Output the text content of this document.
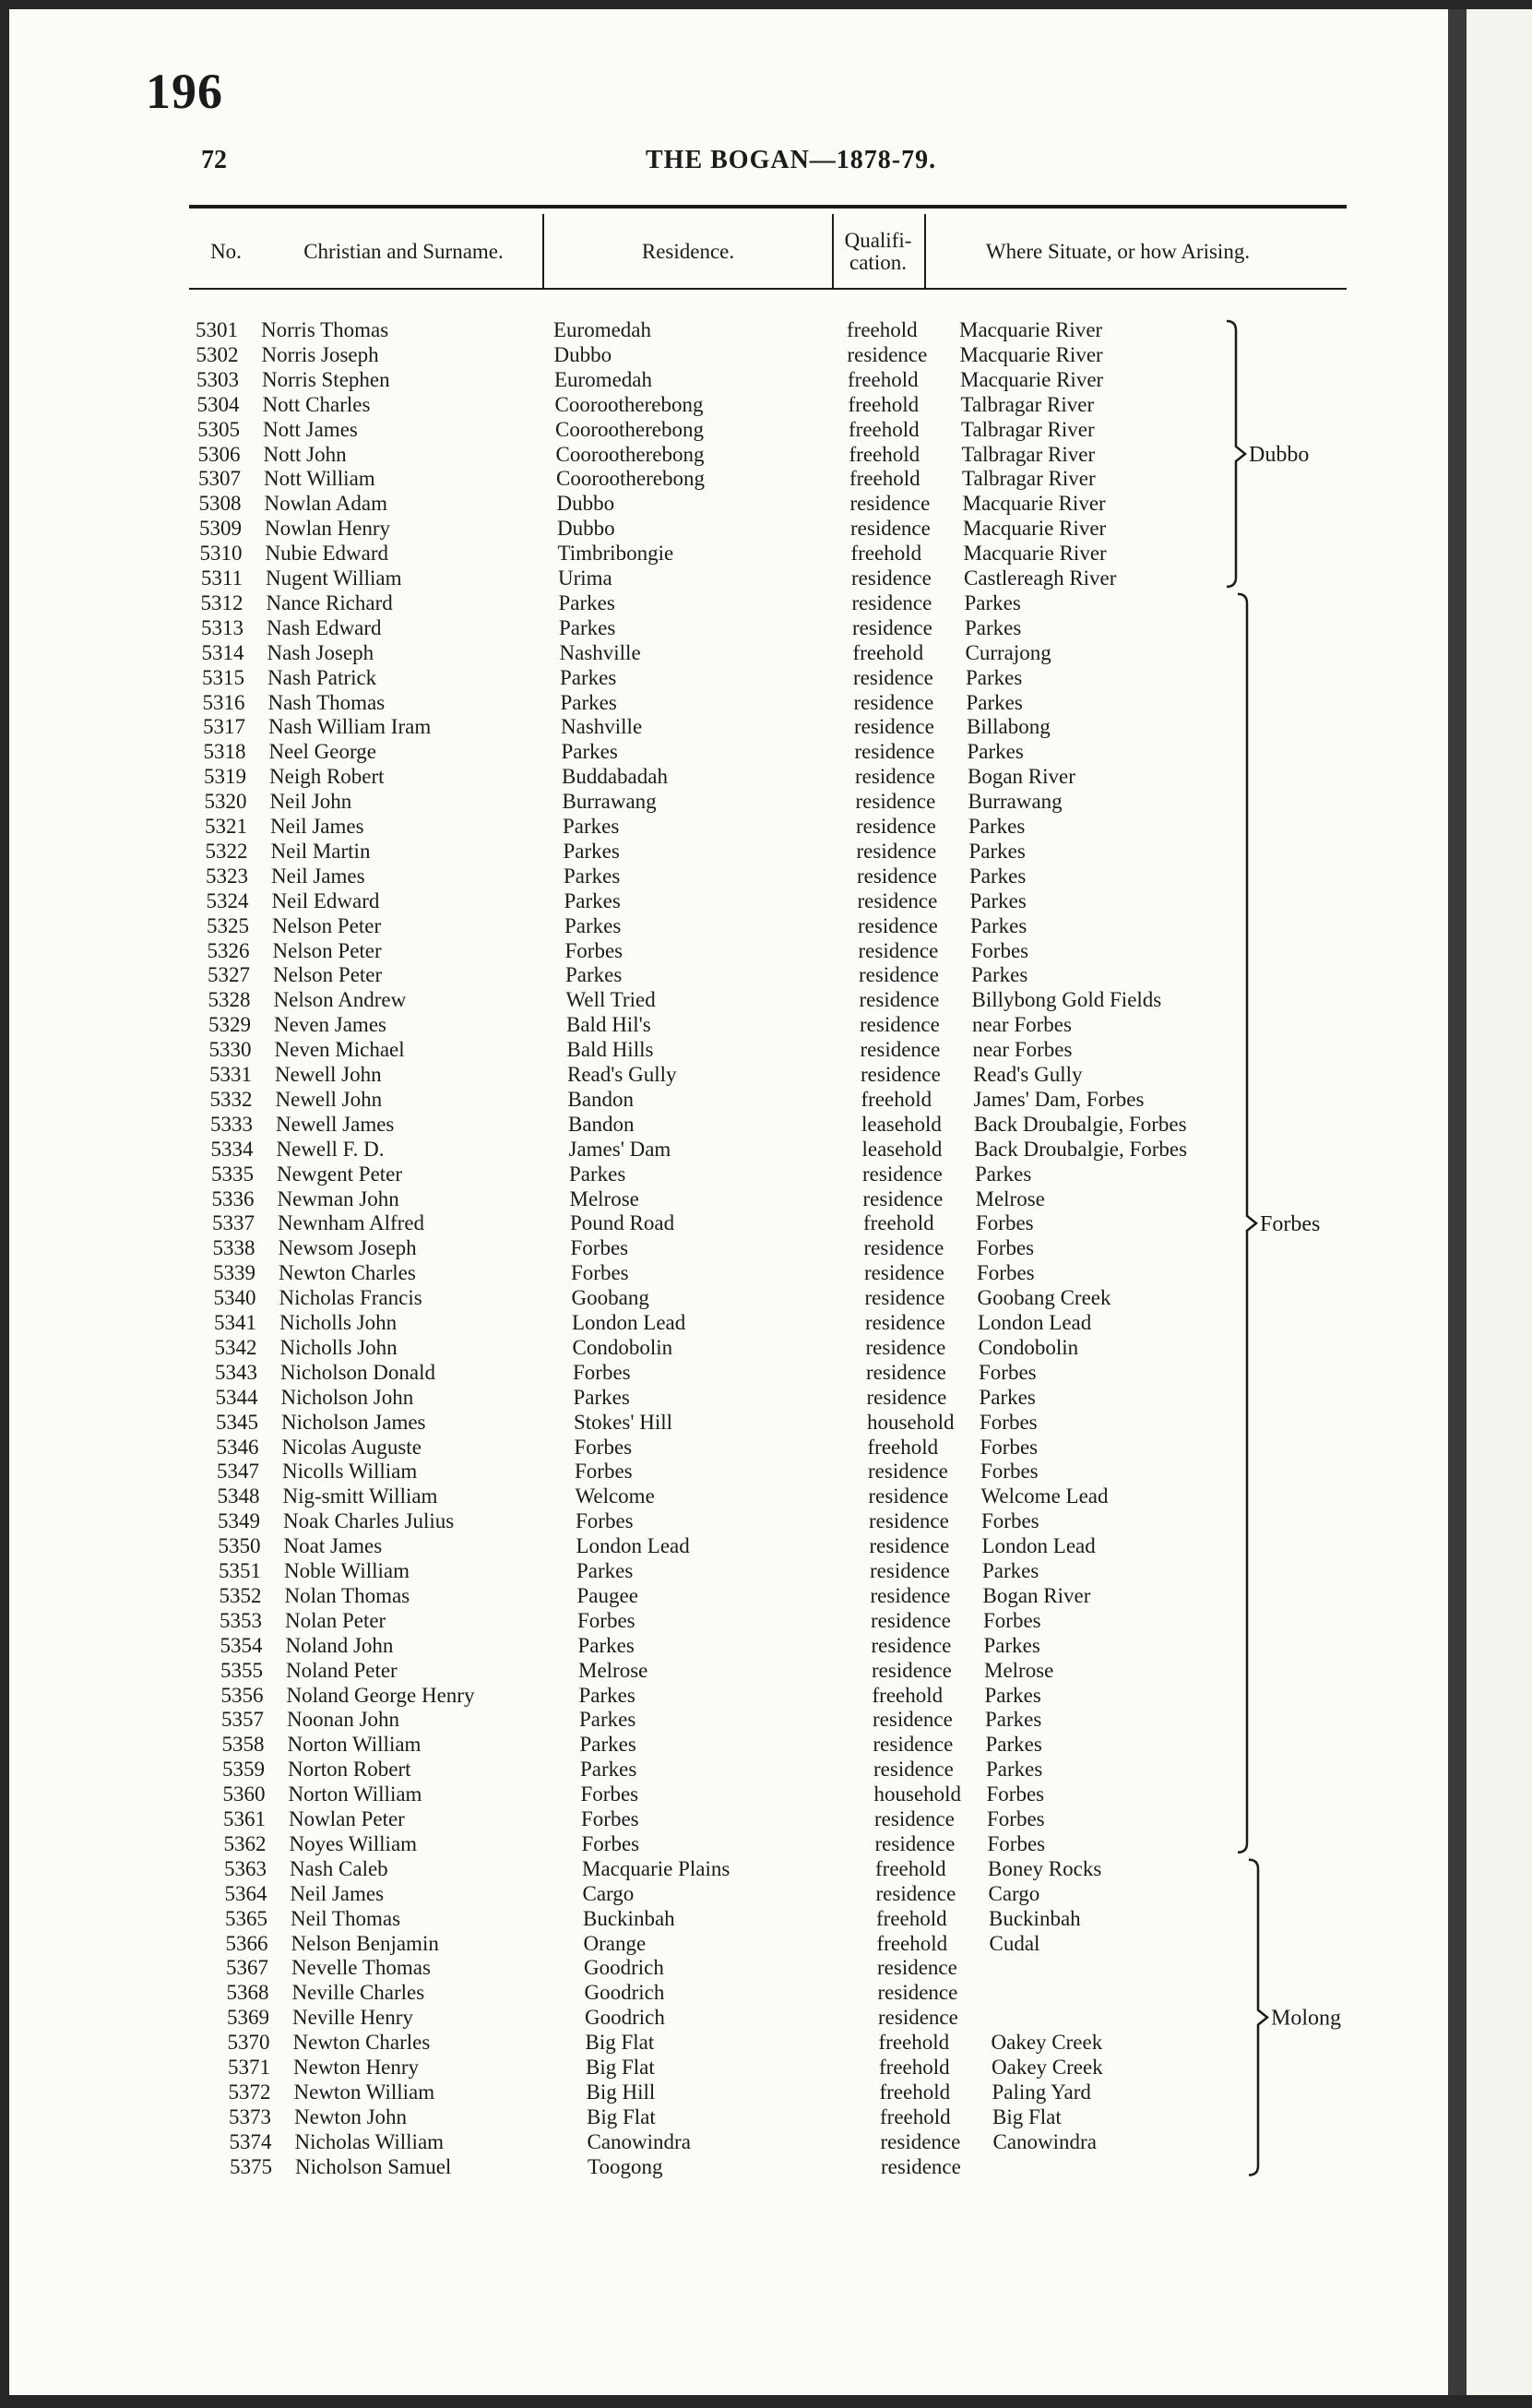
196
72	THE BOGAN—1878-79.
No.	Christian and Surname.	Residence.	Qualifi-
cation.	Where Situate, or how Arising.
5301 Norris Thomas	Euromedah	freehold Macquarie River
5302 Norris Joseph	Dubbo	residence Macquarie River
5303 Norris Stephen	Euromedah	freehold Macquarie River
5304 Nott Charles	Coorootherebong	freehold Talbragar River
5305 Nott James	Coorootherebong	freehold Talbragar River
5306 Nott John	Coorootherebong	freehold Talbragar River
5307 Nott William	Coorootherebong	freehold Talbragar River
5308 Nowlan Adam	Dubbo	residence Macquarie River
5309 Nowlan Henry	Dubbo	residence Macquarie River
5310 Nubie Edward	Timbribongie	freehold Macquarie River
5311 Nugent William	Urima	residence Castlereagh River
5312 Nance Richard	Parkes	residence Parkes
5313 Nash Edward	Parkes	residence Parkes
5314 Nash Joseph	Nashville	freehold Currajong
5315 Nash Patrick	Parkes	residence Parkes
5316 Nash Thomas	Parkes	residence Parkes
5317 Nash William Iram	Nashville	residence Billabong
5318 Neel George	Parkes	residence Parkes
5319 Neigh Robert	Buddabadah	residence Bogan River
5320 Neil John	Burrawang	residence Burrawang
5321 Neil James	Parkes	residence Parkes
5322 Neil Martin	Parkes	residence Parkes
5323 Neil James	Parkes	residence Parkes
5324 Neil Edward	Parkes	residence Parkes
5325 Nelson Peter	Parkes	residence Parkes
5326 Nelson Peter	Forbes	residence Forbes
5327 Nelson Peter	Parkes	residence Parkes
5328 Nelson Andrew	Well Tried	residence Billybong Gold Fields
5329 Neven James	Bald Hil's	residence near Forbes
5330 Neven Michael	Bald Hills	residence near Forbes
5331 Newell John	Read's Gully	residence Read's Gully
5332 Newell John	Bandon	freehold James' Dam, Forbes
5333 Newell James	Bandon	leasehold Back Droubalgie, Forbes
5334 Newell F. D.	James' Dam	leasehold Back Droubalgie, Forbes
5335 Newgent Peter	Parkes	residence Parkes
5336 Newman John	Melrose	residence Melrose
5337 Newnham Alfred	Pound Road	freehold Forbes
5338 Newsom Joseph	Forbes	residence Forbes
5339 Newton Charles	Forbes	residence Forbes
5340 Nicholas Francis	Goobang	residence Goobang Creek
5341 Nicholls John	London Lead	residence London Lead
5342 Nicholls John	Condobolin	residence Condobolin
5343 Nicholson Donald	Forbes	residence Forbes
5344 Nicholson John	Parkes	residence Parkes
5345 Nicholson James	Stokes' Hill	household Forbes
5346 Nicolas Auguste	Forbes	freehold Forbes
5347 Nicolls William	Forbes	residence Forbes
5348 Nig-smitt William	Welcome	residence Welcome Lead
5349 Noak Charles Julius	Forbes	residence Forbes
5350 Noat James	London Lead	residence London Lead
5351 Noble William	Parkes	residence Parkes
5352 Nolan Thomas	Paugee	residence Bogan River
5353 Nolan Peter	Forbes	residence Forbes
5354 Noland John	Parkes	residence Parkes
5355 Noland Peter	Melrose	residence Melrose
5356 Noland George Henry	Parkes	freehold Parkes
5357 Noonan John	Parkes	residence Parkes
5358 Norton William	Parkes	residence Parkes
5359 Norton Robert	Parkes	residence Parkes
5360 Norton William	Forbes	household Forbes
5361 Nowlan Peter	Forbes	residence Forbes
5362 Noyes William	Forbes	residence Forbes
5363 Nash Caleb	Macquarie Plains	freehold Boney Rocks
5364 Neil James	Cargo	residence Cargo
5365 Neil Thomas	Buckinbah	freehold Buckinbah
5366 Nelson Benjamin	Orange	freehold Cudal
5367 Nevelle Thomas	Goodrich	residence
5368 Neville Charles	Goodrich	residence
5369 Neville Henry	Goodrich	residence
5370 Newton Charles	Big Flat	freehold Oakey Creek
5371 Newton Henry	Big Flat	freehold Oakey Creek
5372 Newton William	Big Hill	freehold Paling Yard
5373 Newton John	Big Flat	freehold Big Flat
5374 Nicholas William	Canowindra	residence Canowindra
5375 Nicholson Samuel	Toogong	residence
Dubbo
Forbes
Molong
